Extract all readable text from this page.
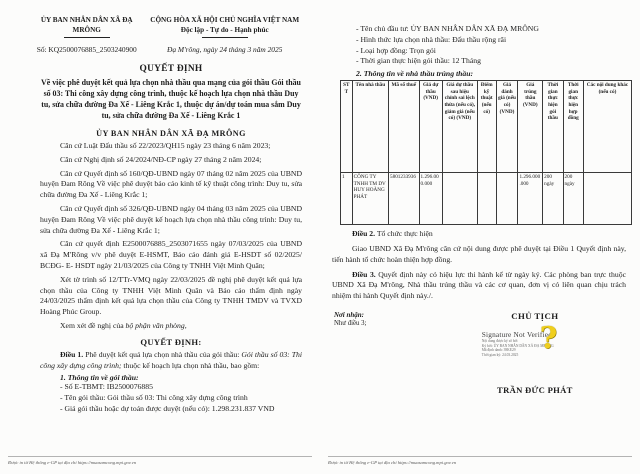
ỦY BAN NHÂN DÂN XÃ ĐẠ
MRÔNG
CỘNG HÒA XÃ HỘI CHỦ NGHĨA VIỆT NAM
Độc lập - Tự do - Hạnh phúc
Số: KQ2500076885_2503240900	Đạ M'rông, ngày 24 tháng 3 năm 2025
QUYẾT ĐỊNH
Về việc phê duyệt kết quả lựa chọn nhà thầu qua mạng của gói thầu Gói thầu số 03: Thi công xây dựng công trình, thuộc kế hoạch lựa chọn nhà thầu Duy tu, sửa chữa đường Đa Xế - Liêng Krắc 1, thuộc dự án/dự toán mua sắm Duy tu, sửa chữa đường Đa Xế - Liêng Krắc 1
ỦY BAN NHÂN DÂN XÃ ĐẠ MRÔNG
Căn cứ Luật Đấu thầu số 22/2023/QH15 ngày 23 tháng 6 năm 2023;
Căn cứ Nghị định số 24/2024/NĐ-CP ngày 27 tháng 2 năm 2024;
Căn cứ Quyết định số 160/QĐ-UBND ngày 07 tháng 02 năm 2025 của UBND huyện Đam Rông Về việc phê duyệt báo cáo kinh tế kỹ thuật công trình: Duy tu, sửa chữa đường Đa Xế - Liêng Krắc 1;
Căn cứ Quyết định số 326/QĐ-UBND ngày 04 tháng 03 năm 2025 của UBND huyện Đam Rông Về việc phê duyệt kế hoạch lựa chọn nhà thầu công trình: Duy tu, sửa chữa đường Đa Xế - Liêng Krắc 1;
Căn cứ quyết định E2500076885_2503071655 ngày 07/03/2025 của UBND xã Đạ M'Rông v/v phê duyệt E-HSMT, Báo cáo đánh giá E-HSDT số 02/2025/ BCĐG- E- HSDT ngày 21/03/2025 của Công ty TNHH Việt Minh Quân;
Xét tờ trình số 12/TTr-VMQ ngày 22/03/2025 đề nghị phê duyệt kết quả lựa chọn thầu của Công ty TNHH Việt Minh Quân và Báo cáo thẩm định ngày 24/03/2025 thẩm định kết quả lựa chọn thầu của Công ty TNHH TMDV và TVXD Hoàng Phúc Group.
Xem xét đề nghị của bộ phận văn phòng,
QUYẾT ĐỊNH:
Điều 1. Phê duyệt kết quả lựa chọn nhà thầu của gói thầu: Gói thầu số 03: Thi công xây dựng công trình; thuộc kế hoạch lựa chọn nhà thầu, bao gồm:
1. Thông tin về gói thầu:
- Số E-TBMT: IB2500076885
- Tên gói thầu: Gói thầu số 03: Thi công xây dựng công trình
- Giá gói thầu hoặc dự toán được duyệt (nếu có): 1.298.231.837 VND
Được in từ Hệ thống e-GP tại địa chỉ https://muasamcong.mpi.gov.vn
- Tên chủ đầu tư: ỦY BAN NHÂN DÂN XÃ ĐẠ MRÔNG
- Hình thức lựa chọn nhà thầu: Đấu thầu rộng rãi
- Loại hợp đồng: Trọn gói
- Thời gian thực hiện gói thầu: 12 Tháng
2. Thông tin về nhà thầu trúng thầu:
STT	Tên nhà thầu	Mã số thuế	Giá dự thầu (VND)	Giá dự thầu sau hiệu chỉnh sai lệch thừa (nếu có), giảm giá (nếu có) (VND)	Điểm kỹ thuật (nếu có)	Giá đánh giá (nếu có) (VND)	Giá trúng thầu (VND)	Thời gian thực hiện gói thầu	Thời gian thực hiện hợp đồng	Các nội dung khác (nếu có)
1	CÔNG TY TNHH TM DV HUY HOÀNG PHÁT	5801233936	1.296.000.000				1.296.000.000	200 ngày	200 ngày	
Điều 2. Tổ chức thực hiện
Giao UBND Xã Đạ M'rông căn cứ nội dung được phê duyệt tại Điều 1 Quyết định này, tiến hành tổ chức hoàn thiện hợp đồng.
Điều 3. Quyết định này có hiệu lực thi hành kể từ ngày ký. Các phòng ban trực thuộc UBND Xã Đạ M'rông, Nhà thầu trúng thầu và các cơ quan, đơn vị có liên quan chịu trách nhiệm thi hành Quyết định này./.
Nơi nhận:
Như điều 3;
CHỦ TỊCH
Signature Not Verified
Nội dung được ký số bởi
Ký bởi: ỦY BAN NHÂN DÂN XÃ ĐẠ MRÔNG
Mã định danh: 39KE29
Thời gian ký: 24.03.2025 ?
TRẦN ĐỨC PHÁT
Được in từ Hệ thống e-GP tại địa chỉ https://muasamcong.mpi.gov.vn
